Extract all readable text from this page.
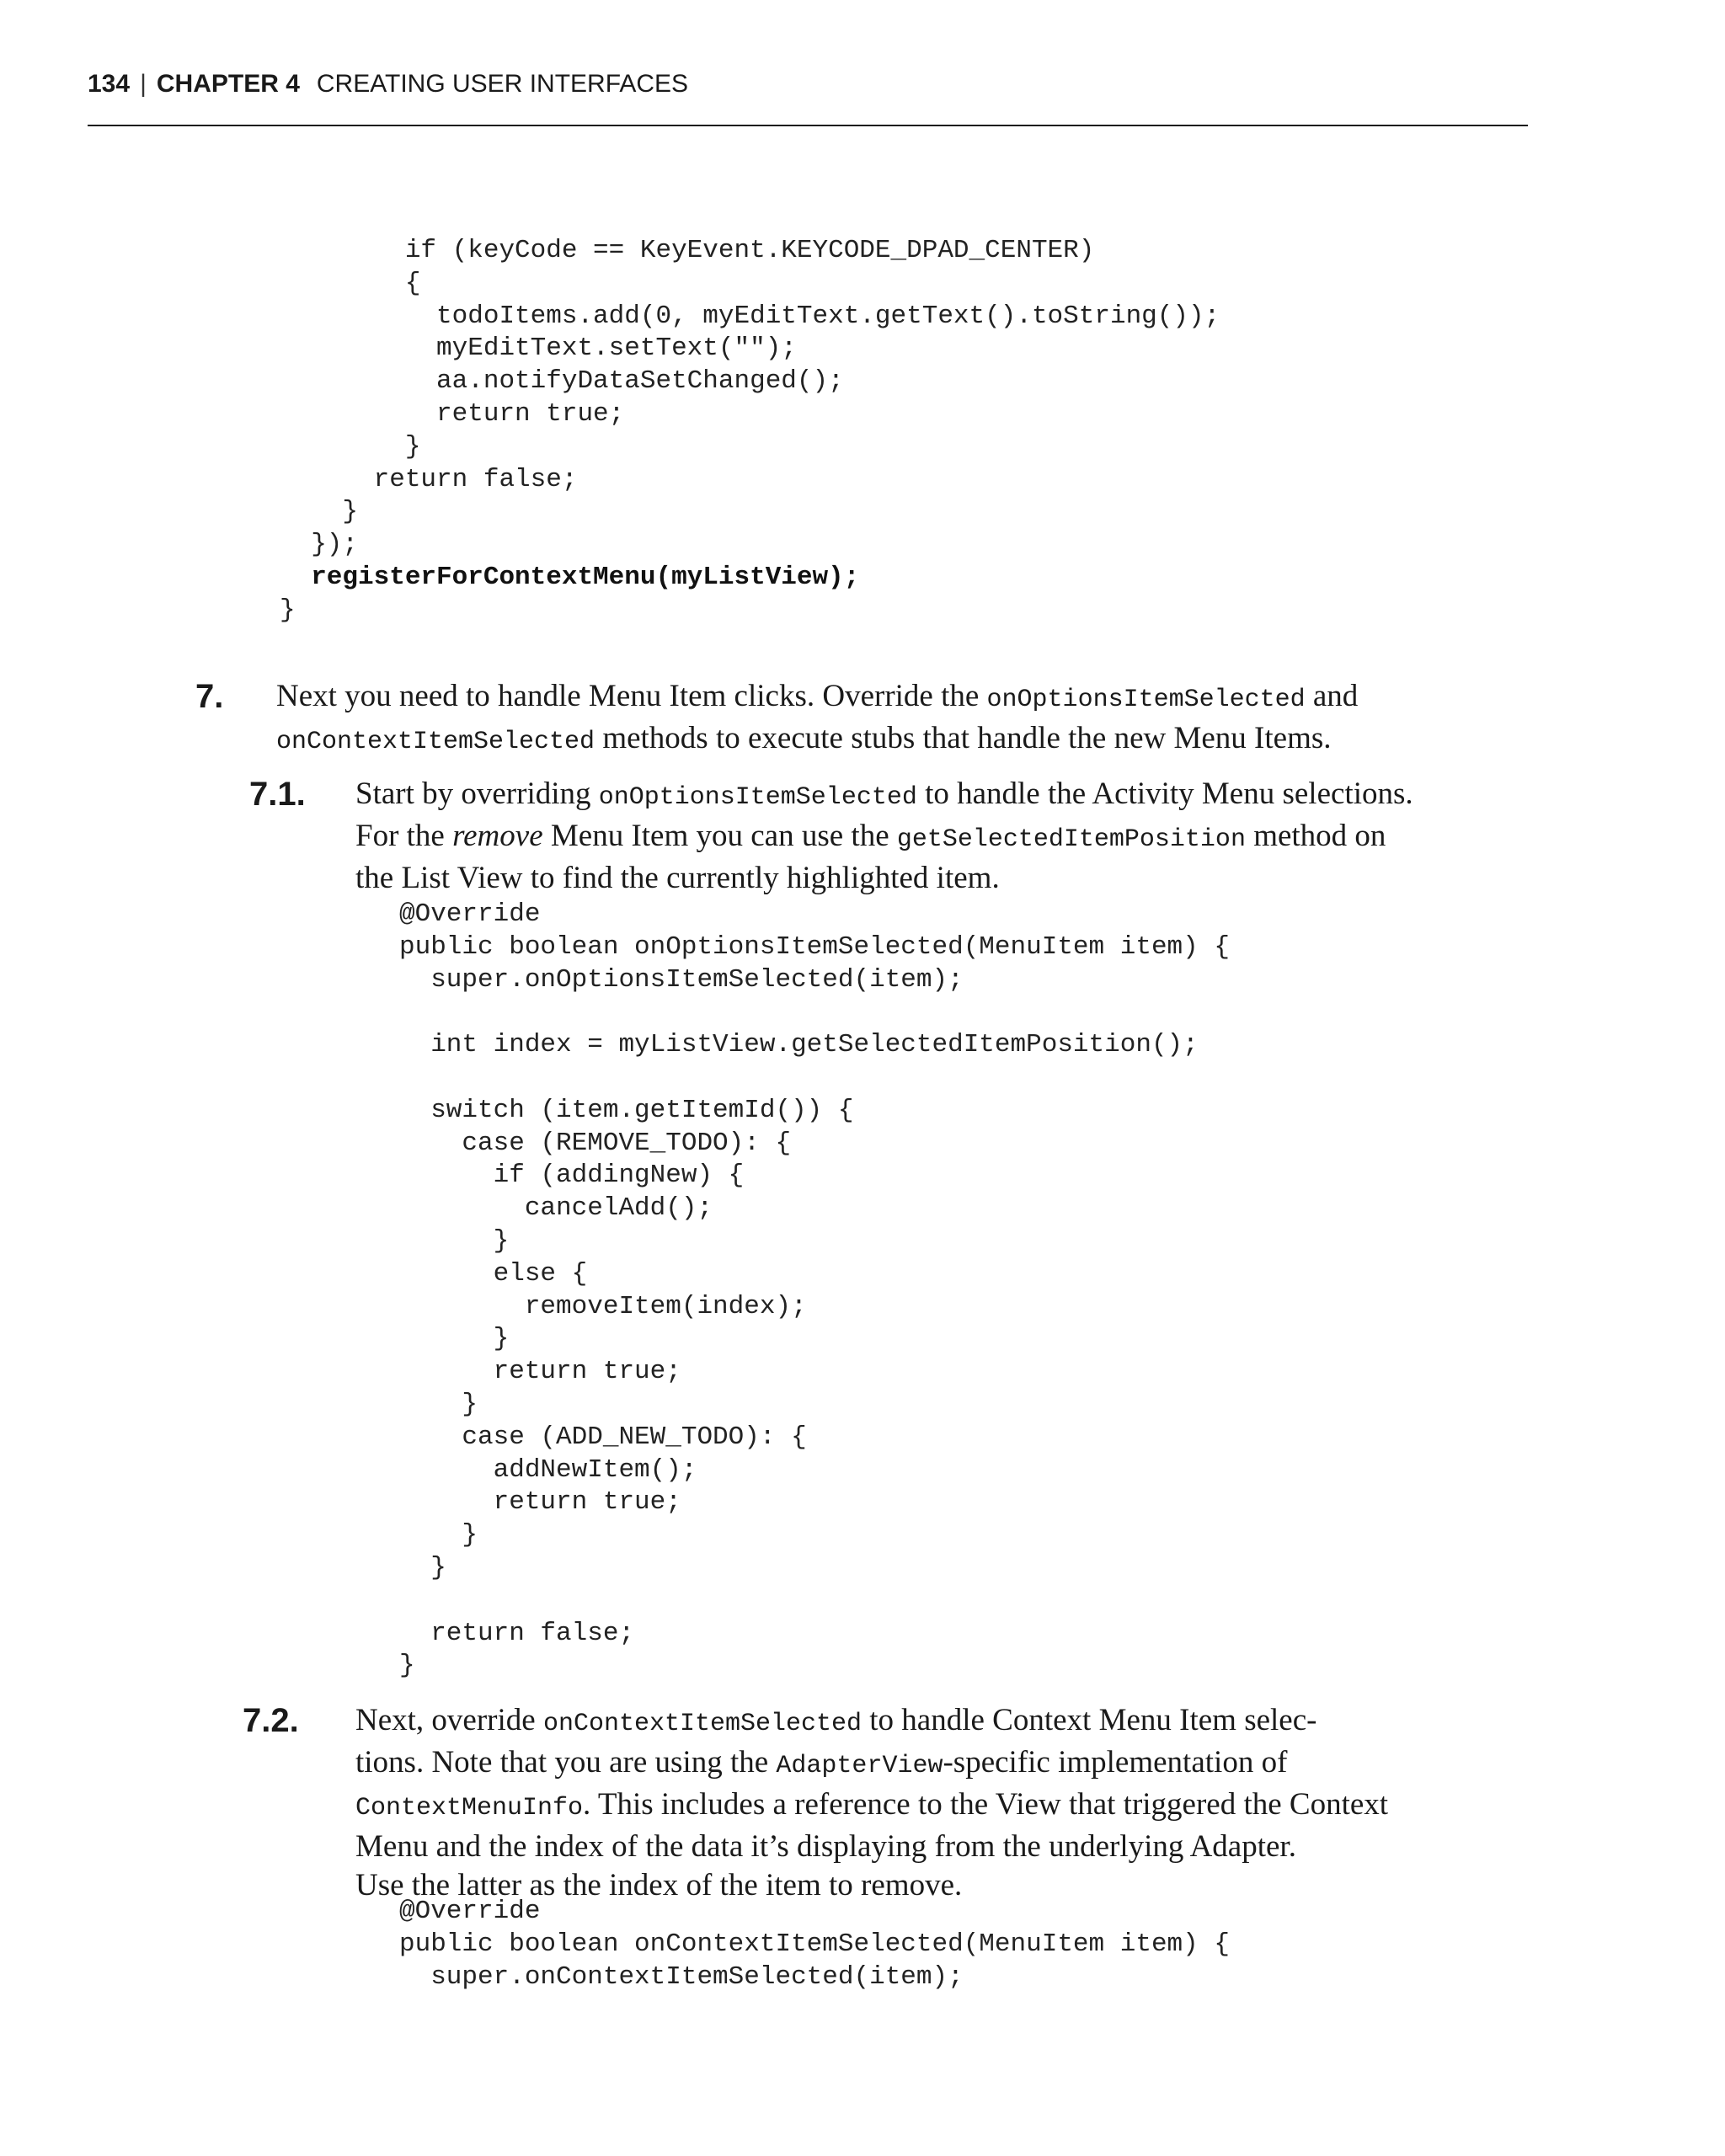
134 | CHAPTER 4 CREATING USER INTERFACES
if (keyCode == KeyEvent.KEYCODE_DPAD_CENTER)
{
todoItems.add(0, myEditText.getText().toString());
myEditText.setText("");
aa.notifyDataSetChanged();
return true;
}
return false;
}
});
registerForContextMenu(myListView);
}
7. Next you need to handle Menu Item clicks. Override the onOptionsItemSelected and
onContextItemSelected methods to execute stubs that handle the new Menu Items.
7.1. Start by overriding onOptionsItemSelected to handle the Activity Menu selections.
For the remove Menu Item you can use the getSelectedItemPosition method on
the List View to find the currently highlighted item.
@Override
public boolean onOptionsItemSelected(MenuItem item) {
super.onOptionsItemSelected(item);

int index = myListView.getSelectedItemPosition();

switch (item.getItemId()) {
case (REMOVE_TODO): {
if (addingNew) {
cancelAdd();
}
else {
removeItem(index);
}
return true;
}
case (ADD_NEW_TODO): {
addNewItem();
return true;
}
}

return false;
}
7.2. Next, override onContextItemSelected to handle Context Menu Item selec-
tions. Note that you are using the AdapterView-specific implementation of
ContextMenuInfo. This includes a reference to the View that triggered the Context
Menu and the index of the data it’s displaying from the underlying Adapter.
Use the latter as the index of the item to remove.
@Override
public boolean onContextItemSelected(MenuItem item) {
super.onContextItemSelected(item);
